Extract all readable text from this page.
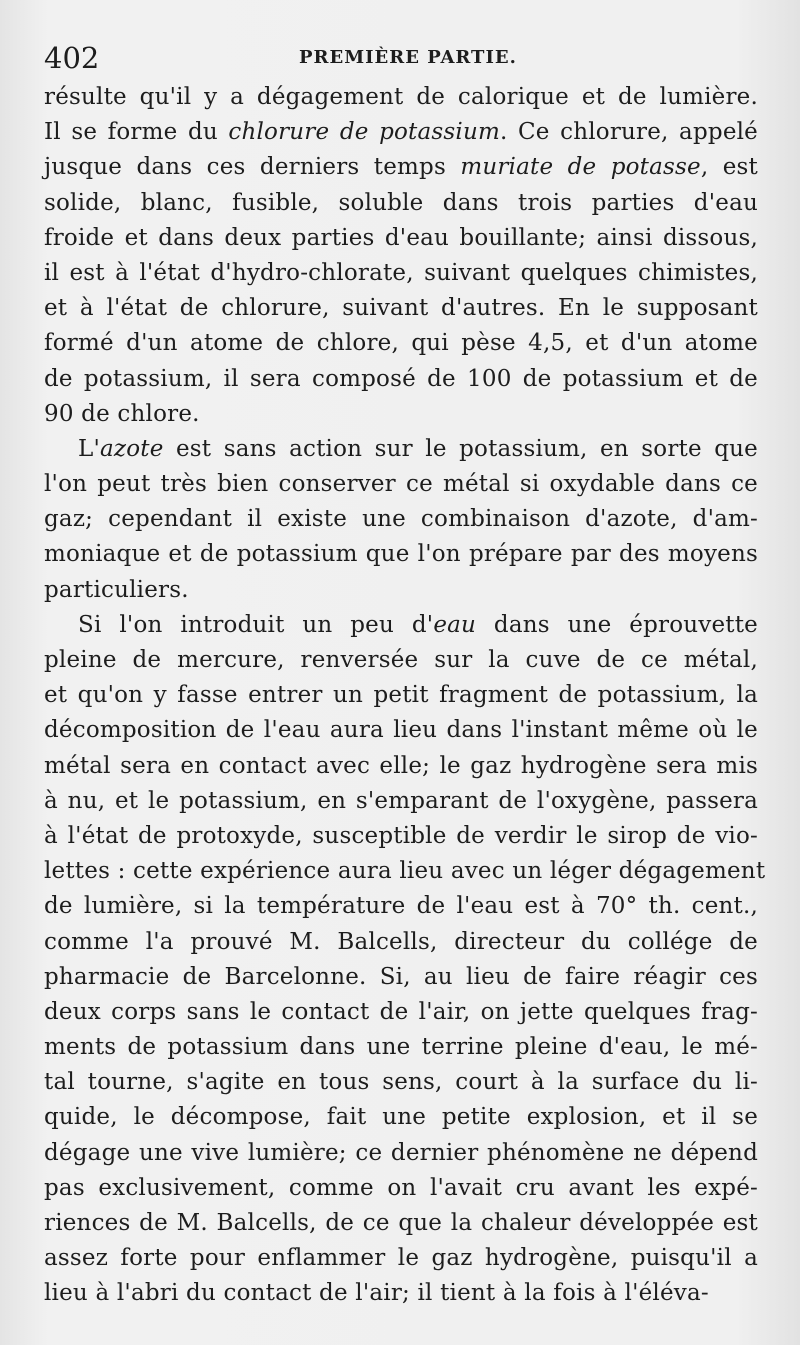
402	PREMIÈRE PARTIE.

résulte qu'il y a dégagement de calorique et de lumière.
Il se forme du chlorure de potassium. Ce chlorure, appelé
jusque dans ces derniers temps muriate de potasse, est
solide, blanc, fusible, soluble dans trois parties d'eau
froide et dans deux parties d'eau bouillante; ainsi dissous,
il est à l'état d'hydro-chlorate, suivant quelques chimistes,
et à l'état de chlorure, suivant d'autres. En le supposant
formé d'un atome de chlore, qui pèse 4,5, et d'un atome
de potassium, il sera composé de 100 de potassium et de
90 de chlore.

L'azote est sans action sur le potassium, en sorte que
l'on peut très bien conserver ce métal si oxydable dans ce
gaz; cependant il existe une combinaison d'azote, d'am-
moniaque et de potassium que l'on prépare par des moyens
particuliers.

Si l'on introduit un peu d'eau dans une éprouvette
pleine de mercure, renversée sur la cuve de ce métal,
et qu'on y fasse entrer un petit fragment de potassium, la
décomposition de l'eau aura lieu dans l'instant même où le
métal sera en contact avec elle; le gaz hydrogène sera mis
à nu, et le potassium, en s'emparant de l'oxygène, passera
à l'état de protoxyde, susceptible de verdir le sirop de vio-
lettes : cette expérience aura lieu avec un léger dégagement
de lumière, si la température de l'eau est à 70° th. cent.,
comme l'a prouvé M. Balcells, directeur du collége de
pharmacie de Barcelonne. Si, au lieu de faire réagir ces
deux corps sans le contact de l'air, on jette quelques frag-
ments de potassium dans une terrine pleine d'eau, le mé-
tal tourne, s'agite en tous sens, court à la surface du li-
quide, le décompose, fait une petite explosion, et il se
dégage une vive lumière; ce dernier phénomène ne dépend
pas exclusivement, comme on l'avait cru avant les expé-
riences de M. Balcells, de ce que la chaleur développée est
assez forte pour enflammer le gaz hydrogène, puisqu'il a
lieu à l'abri du contact de l'air; il tient à la fois à l'éléva-
